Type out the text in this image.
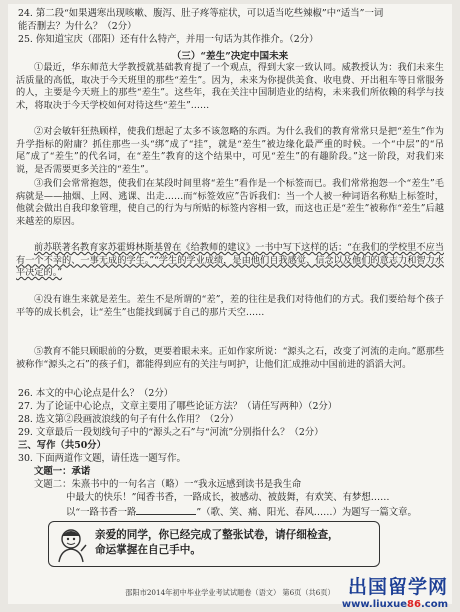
24. 第二段“如果遇寒出现咳嗽、腹泻、肚子疼等症状，可以适当吃些辣椒”中“适当”一词
能否删去？为什么？（2分）
25. 你知道宝庆（邵阳）还有什么特产，并用一句话为其作推介。（2分）
（三）“差生”决定中国未来
①最近，华东师范大学教授就基础教育提了一个观点，得到大家一致认同。威教授认为：我们未来生活质量的高低，取决于今天班里的那些“差生”。因为，未来为你提供美食、收电费、开出租车等日常服务的人，主要是今天班上的那些“差生”。这些年，我在关注中国制造业的结构，未来我们所依赖的科学与技术，将取决于今天学校如何对待这些“差生”……
②对会敏轩狂热顾样，使我们想起了太多不该忽略的东西。为什么我们的教育常常只是把“差生”作为升学指标的附庸？抓住那些一头“绑”成了“挂”，就是“差生”被边缘化最严重的时候。一个“中层”的“吊尾”成了“差生”的代名词，在“差生”教育的这个结果中，可见“差生”的有趣阶段。”这一阶段，对我们来说，是否需要更多关注的“差生”。
③我们会常常抱怨，使我们在某段时间里将“差生”看作是一个标签而已。我们常常抱怨一个“差生”毛病就是——抽烟、上网、逃课、出走……而“标签效应”告诉我们：当一个人被一种词语名称贴上标签时，他就会做出自我印象管理，使自己的行为与所贴的标签内容相一致，而这也正是“差生”被称作“差生”后越来越差的原因。
前苏联著名教育家苏霍姆林斯基曾在《给教师的建议》一书中写下这样的话：“在我们的学校里不应当有一个不幸的、一事无成的学生。”“学生的学业成绩，是由他们自我感觉、信念以及他们的意志力和智力水平决定的。”
④没有谁生来就是差生。差生不是所谓的“差”，差的往往是我们对待他们的方式。我们要给每个孩子平等的成长机会，让“差生”也能找到属于自己的那片天空……
⑤教育不能只顾眼前的分数，更要着眼未来。正如作家所说：“源头之石，改变了河流的走向。”愿那些被称作“源头之石”的孩子们，都能得到应有的关注与呵护，让他们汇成推动中国前进的滔滔大河。
26. 本文的中心论点是什么？（2分）
27. 为了论证中心论点，文章主要用了哪些论证方法？（请任写两种）（2分）
28. 选文第②段画波浪线的句子有什么作用？（2分）
29. 文章最后一段划线句子中的“源头之石”与“河流”分别指什么？（2分）
三、写作（共50分）
30. 下面两道作文题，请任选一题写作。
文题一：承诺
文题二：朱熹书中的一句名言（略）一“我永远感到读书是我生命
中最大的快乐！”闻香书香，一路成长，被感动、被鼓舞，有欢笑、有梦想……
以“一路书香一路	”（歌、笑、痛、阳光、春风……）为题写一篇文章。
亲爱的同学，你已经完成了整张试卷，请仔细检查，
命运掌握在自己手中。
邵阳市2014年初中毕业学业考试试题卷（语文） 第6页（共6页） 出国留学网
www.liuxue86.com
